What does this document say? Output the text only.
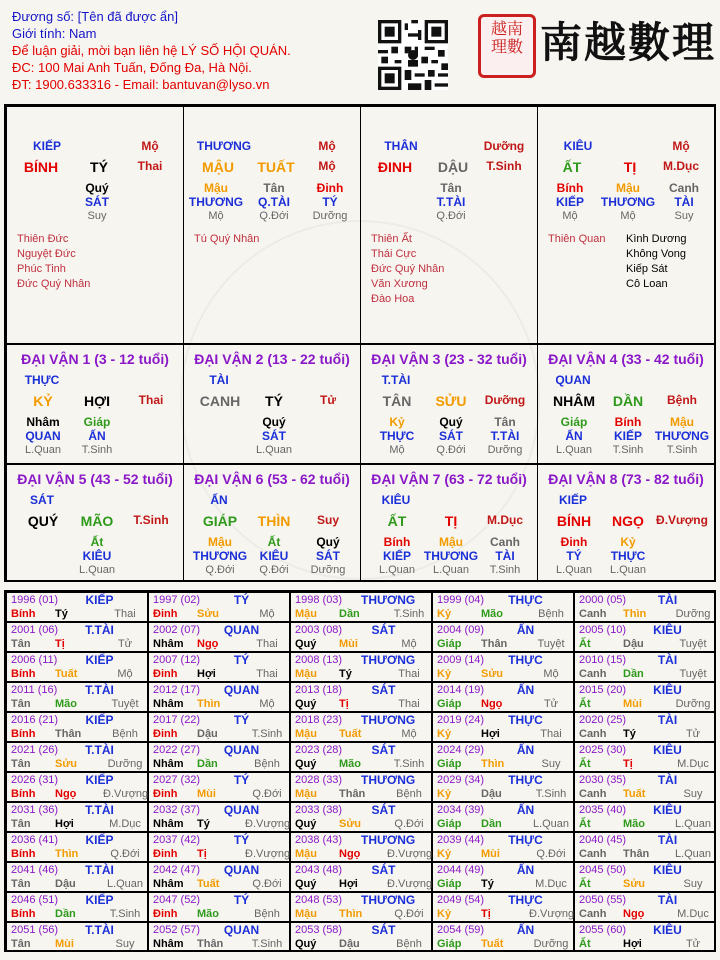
Đương số: [Tên đã được ẩn]
Giới tính: Nam
Để luận giải, mời bạn liên hệ LÝ SỐ HỘI QUÁN.
ĐC: 100 Mai Anh Tuấn, Đống Đa, Hà Nội.
ĐT: 1900.633316 - Email: bantuvan@lyso.vn
越南理數 南越數理
KIẾP	Mộ
BÍNH	TÝ	Thai
Quý
SÁT
Suy
Thiên Đức
Nguyệt Đức
Phúc Tinh
Đức Quý Nhân
THƯƠNG	Mộ
MẬU	TUẤT	Mộ
Mậu
THƯƠNG
Mộ
Tân
Q.TÀI
Q.Đới
Đinh
TÝ
Dưỡng
Tú Quý Nhân
THÂN	Dưỡng
ĐINH	DẬU	T.Sinh
Tân
T.TÀI
Q.Đới
Thiên Ất
Thái Cực
Đức Quý Nhân
Văn Xương
Đào Hoa
KIÊU	Mộ
ẤT	TỊ	M.Dục
Bính
KIẾP
Mộ
Mậu
THƯƠNG
Mộ
Canh
TÀI
Suy
Thiên Quan Kình Dương
Không Vong
Kiếp Sát
Cô Loan
ĐẠI VẬN 1 (3 - 12 tuổi)
THỰC
KỶ	HỢI	Thai
Nhâm
QUAN
L.Quan
Giáp
ẤN
T.Sinh
ĐẠI VẬN 2 (13 - 22 tuổi)
TÀI
CANH	TÝ	Tử
Quý
SÁT
L.Quan
ĐẠI VẬN 3 (23 - 32 tuổi)
T.TÀI
TÂN	SỬU	Dưỡng
Kỷ
THỰC
Mộ
Quý
SÁT
Q.Đới
Tân
T.TÀI
Dưỡng
ĐẠI VẬN 4 (33 - 42 tuổi)
QUAN
NHÂM	DẦN	Bệnh
Giáp
ẤN
L.Quan
Bính
KIẾP
T.Sinh
Mậu
THƯƠNG
T.Sinh
ĐẠI VẬN 5 (43 - 52 tuổi)
SÁT
QUÝ	MÃO	T.Sinh
Ất
KIÊU
L.Quan
ĐẠI VẬN 6 (53 - 62 tuổi)
ẤN
GIÁP	THÌN	Suy
Mậu
THƯƠNG
Q.Đới
Ất
KIÊU
Q.Đới
Quý
SÁT
Dưỡng
ĐẠI VẬN 7 (63 - 72 tuổi)
KIÊU
ẤT	TỊ	M.Dục
Bính
KIẾP
L.Quan
Mậu
THƯƠNG
L.Quan
Canh
TÀI
T.Sinh
ĐẠI VẬN 8 (73 - 82 tuổi)
KIẾP
BÍNH	NGỌ	Đ.Vượng
Đinh
TÝ
L.Quan
Kỷ
THỰC
L.Quan
1996 (01)	KIẾP
Bính Tý	Thai
1997 (02)	TÝ
Đinh Sửu	Mộ
1998 (03) THƯƠNG
Mậu Dần	T.Sinh
1999 (04)	THỰC
Kỷ	Mão	Bệnh
2000 (05)	TÀI
Canh Thìn	Dưỡng
2001 (06)	T.TÀI
Tân Tị	Tử
2002 (07)	QUAN
Nhâm Ngọ	Thai
2003 (08)	SÁT
Quý Mùi	Mộ
2004 (09)	ẤN
Giáp Thân	Tuyệt
2005 (10)	KIÊU
Ất	Dậu	Tuyệt
2006 (11)	KIẾP
Bính Tuất	Mộ
2007 (12)	TÝ
Đinh Hợi	Thai
2008 (13) THƯƠNG
Mậu Tý	Thai
2009 (14)	THỰC
Kỷ	Sửu	Mộ
2010 (15)	TÀI
Canh Dần	Tuyệt
2011 (16)	T.TÀI
Tân Mão	Tuyệt
2012 (17)	QUAN
Nhâm Thìn	Mộ
2013 (18)	SÁT
Quý Tị	Thai
2014 (19)	ẤN
Giáp Ngọ	Tử
2015 (20)	KIÊU
Ất	Mùi	Dưỡng
2016 (21)	KIẾP
Bính Thân	Bệnh
2017 (22)	TÝ
Đinh Dậu	T.Sinh
2018 (23) THƯƠNG
Mậu Tuất	Mộ
2019 (24)	THỰC
Kỷ	Hợi	Thai
2020 (25)	TÀI
Canh Tý	Tử
2021 (26)	T.TÀI
Tân Sửu	Dưỡng
2022 (27)	QUAN
Nhâm Dần	Bệnh
2023 (28)	SÁT
Quý Mão	T.Sinh
2024 (29)	ẤN
Giáp Thìn	Suy
2025 (30)	KIÊU
Ất	Tị	M.Dục
2026 (31)	KIẾP
Bính Ngọ Đ.Vượng
2027 (32)	TÝ
Đinh Mùi	Q.Đới
2028 (33) THƯƠNG
Mậu Thân	Bệnh
2029 (34)	THỰC
Kỷ	Dậu	T.Sinh
2030 (35)	TÀI
Canh Tuất	Suy
2031 (36)	T.TÀI
Tân Hợi	M.Dục
2032 (37)	QUAN
Nhâm Tý	Đ.Vượng
2033 (38)	SÁT
Quý Sửu	Q.Đới
2034 (39)	ẤN
Giáp Dần	L.Quan
2035 (40)	KIÊU
Ất	Mão	L.Quan
2036 (41)	KIẾP
Bính Thìn	Q.Đới
2037 (42)	TÝ
Đinh Tị	Đ.Vượng
2038 (43) THƯƠNG
Mậu Ngọ Đ.Vượng
2039 (44)	THỰC
Kỷ	Mùi	Q.Đới
2040 (45)	TÀI
Canh Thân	L.Quan
2041 (46)	T.TÀI
Tân Dậu	L.Quan
2042 (47)	QUAN
Nhâm Tuất	Q.Đới
2043 (48)	SÁT
Quý Hợi	Đ.Vượng
2044 (49)	ẤN
Giáp Tý	M.Dục
2045 (50)	KIÊU
Ất	Sửu	Suy
2046 (51)	KIẾP
Bính Dần	T.Sinh
2047 (52)	TÝ
Đinh Mão	Bệnh
2048 (53) THƯƠNG
Mậu Thìn	Q.Đới
2049 (54)	THỰC
Kỷ	Tị	Đ.Vượng
2050 (55)	TÀI
Canh Ngọ	M.Dục
2051 (56)	T.TÀI
Tân Mùi	Suy
2052 (57)	QUAN
Nhâm Thân	T.Sinh
2053 (58)	SÁT
Quý Dậu	Bệnh
2054 (59)	ẤN
Giáp Tuất	Dưỡng
2055 (60)	KIÊU
Ất	Hợi	Tử
